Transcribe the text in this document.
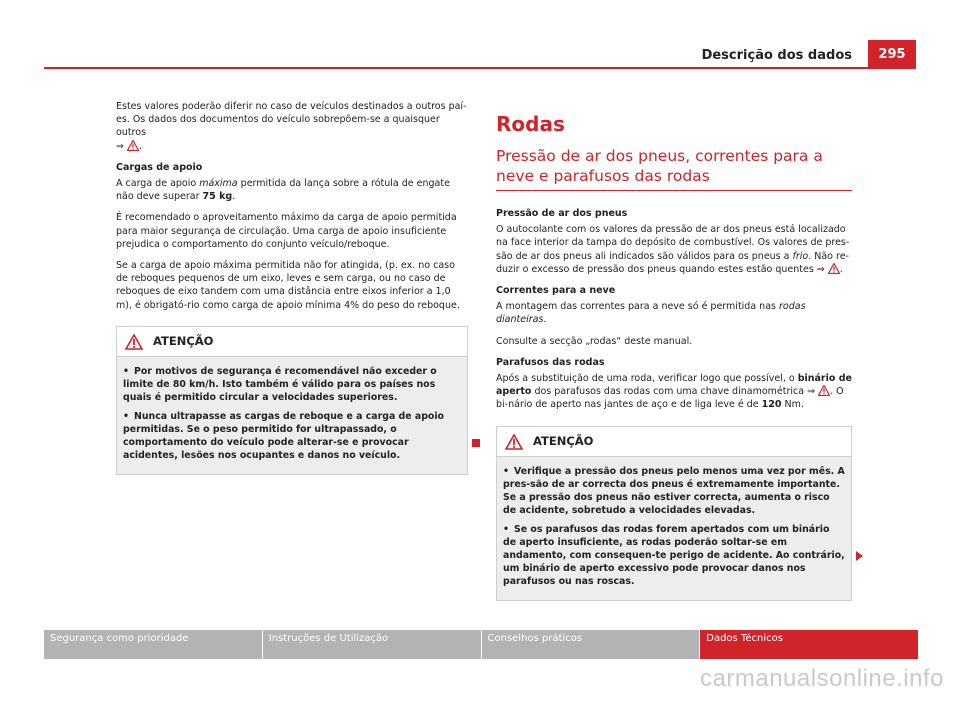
Descrição dos dados	295

Estes valores poderão diferir no caso de veículos destinados a outros paí-
es. Os dados dos documentos do veículo sobrepõem-se a quaisquer outros
⇒ .

Cargas de apoio

A carga de apoio máxima permitida da lança sobre a rótula de engate não deve superar 75 kg.

É recomendado o aproveitamento máximo da carga de apoio permitida para maior segurança de circulação. Uma carga de apoio insuficiente prejudica o comportamento do conjunto veículo/reboque.

Se a carga de apoio máxima permitida não for atingida, (p. ex. no caso de reboques pequenos de um eixo, leves e sem carga, ou no caso de reboques de eixo tandem com uma distância entre eixos inferior a 1,0 m), é obrigató-rio como carga de apoio mínima 4% do peso do reboque.

ATENÇÃO
• Por motivos de segurança é recomendável não exceder o limite de 80 km/h. Isto também é válido para os países nos quais é permitido circular a velocidades superiores.
• Nunca ultrapasse as cargas de reboque e a carga de apoio permitidas. Se o peso permitido for ultrapassado, o comportamento do veículo pode alterar-se e provocar acidentes, lesões nos ocupantes e danos no veículo.
Rodas
Pressão de ar dos pneus, correntes para a neve e parafusos das rodas
Pressão de ar dos pneus

O autocolante com os valores da pressão de ar dos pneus está localizado na face interior da tampa do depósito de combustível. Os valores de pres-são de ar dos pneus ali indicados são válidos para os pneus a frio. Não re-duzir o excesso de pressão dos pneus quando estes estão quentes ⇒ .

Correntes para a neve

A montagem das correntes para a neve só é permitida nas rodas dianteiras.

Consulte a secção „rodas“ deste manual.

Parafusos das rodas

Após a substituição de uma roda, verificar logo que possível, o binário de aperto dos parafusos das rodas com uma chave dinamométrica ⇒ . O bi-nário de aperto nas jantes de aço e de liga leve é de 120 Nm.

ATENÇÃO
• Verifique a pressão dos pneus pelo menos uma vez por mês. A pres-são de ar correcta dos pneus é extremamente importante. Se a pressão dos pneus não estiver correcta, aumenta o risco de acidente, sobretudo a velocidades elevadas.
• Se os parafusos das rodas forem apertados com um binário de aperto insuficiente, as rodas poderão soltar-se em andamento, com consequen-te perigo de acidente. Ao contrário, um binário de aperto excessivo pode provocar danos nos parafusos ou nas roscas.
Segurança como prioridade	Instruções de Utilização	Conselhos práticos	Dados Técnicos
carmanualsonline.info
